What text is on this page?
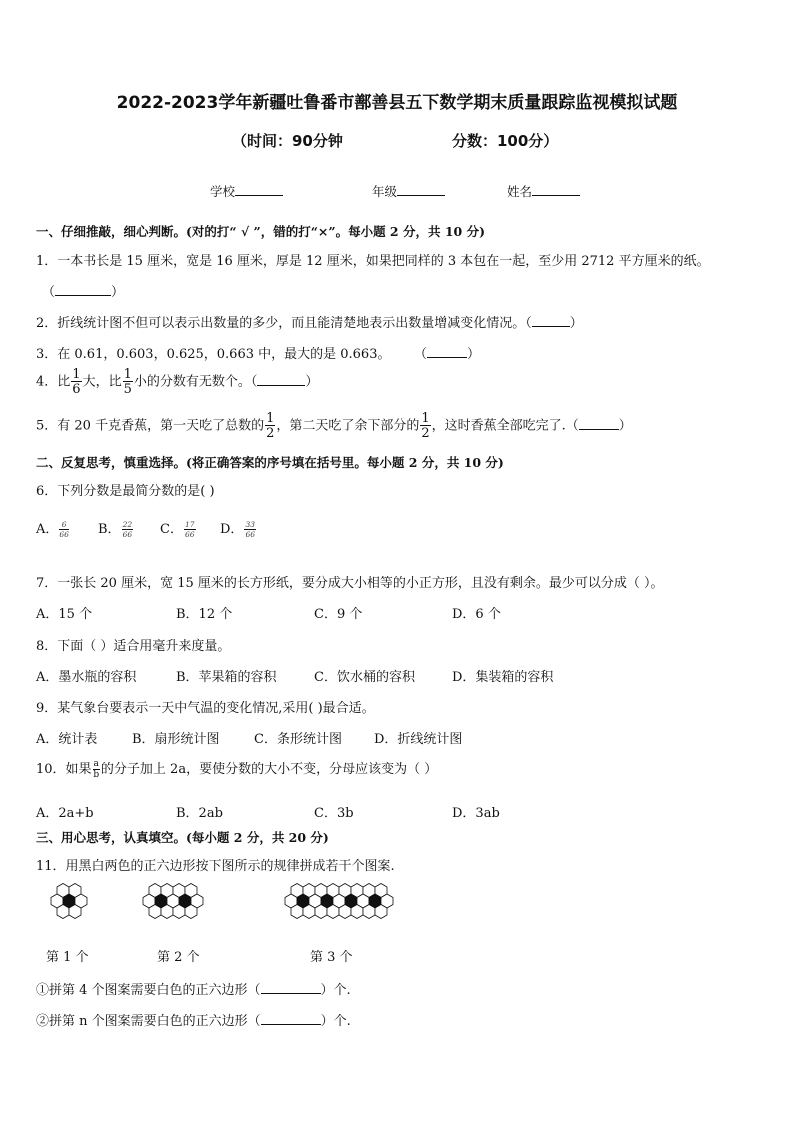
2022-2023学年新疆吐鲁番市鄯善县五下数学期末质量跟踪监视模拟试题
（时间：90分钟	分数：100分）
学校	年级	姓名
一、仔细推敲，细心判断。(对的打“ √ ”，错的打“×”。每小题 2 分，共 10 分)
1．一本书长是 15 厘米，宽是 16 厘米，厚是 12 厘米，如果把同样的 3 本包在一起，至少用 2712 平方厘米的纸。
（	）
2．折线统计图不但可以表示出数量的多少，而且能清楚地表示出数量增减变化情况。（	）
3．在 0.61，0.603，0.625，0.663 中，最大的是 0.663。 （	）
4．比 $\frac{1}{6}$ 大，比 $\frac{1}{5}$ 小的分数有无数个。（	）
5．有 20 千克香蕉，第一天吃了总数的 $\frac{1}{2}$ ，第二天吃了余下部分的 $\frac{1}{2}$ ，这时香蕉全部吃完了.（	）
二、反复思考，慎重选择。(将正确答案的序号填在括号里。每小题 2 分，共 10 分)
6．下列分数是最简分数的是( )
A． $\frac{6}{66}$ B． $\frac{22}{66}$ C． $\frac{17}{66}$ D． $\frac{33}{66}$
7．一张长 20 厘米，宽 15 厘米的长方形纸，要分成大小相等的小正方形，且没有剩余。最少可以分成（ ）。
A．15 个	B．12 个	C．9 个	D．6 个
8．下面（ ）适合用毫升来度量。
A．墨水瓶的容积	B．苹果箱的容积	C．饮水桶的容积	D．集装箱的容积
9．某气象台要表示一天中气温的变化情况,采用( )最合适。
A．统计表	B．扇形统计图	C．条形统计图 D．折线统计图
10．如果 $\frac{a}{b}$ 的分子加上 2a，要使分数的大小不变，分母应该变为（ ）
A．2a+b	B．2ab	C．3b	D．3ab
三、用心思考，认真填空。(每小题 2 分，共 20 分)
11．用黑白两色的正六边形按下图所示的规律拼成若干个图案.
第 1 个	第 2 个	第 3 个
①拼第 4 个图案需要白色的正六边形（	）个.
②拼第 n 个图案需要白色的正六边形（	）个.
